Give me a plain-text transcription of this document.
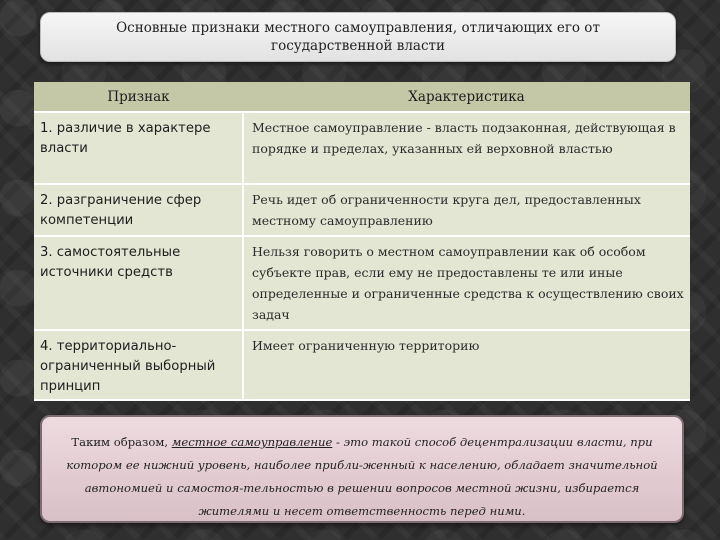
Основные признаки местного самоуправления, отличающих его от государственной власти
Признак	Характеристика
1. различие в характере власти	Местное самоуправление - власть подзаконная, действующая в порядке и пределах, указанных ей верховной властью
2. разграничение сфер компетенции	Речь идет об ограниченности круга дел, предоставленных местному самоуправлению
3. самостоятельные источники средств	Нельзя говорить о местном самоуправлении как об особом субъекте прав, если ему не предоставлены те или иные определенные и ограниченные средства к осуществлению своих задач
4. территориально-ограниченный выборный принцип	Имеет ограниченную территорию
Таким образом, местное самоуправление - это такой способ децентрализации власти, при котором ее нижний уровень, наиболее прибли-женный к населению, обладает значительной автономией и самостоя-тельностью в решении вопросов местной жизни, избирается жителями и несет ответственность перед ними.
